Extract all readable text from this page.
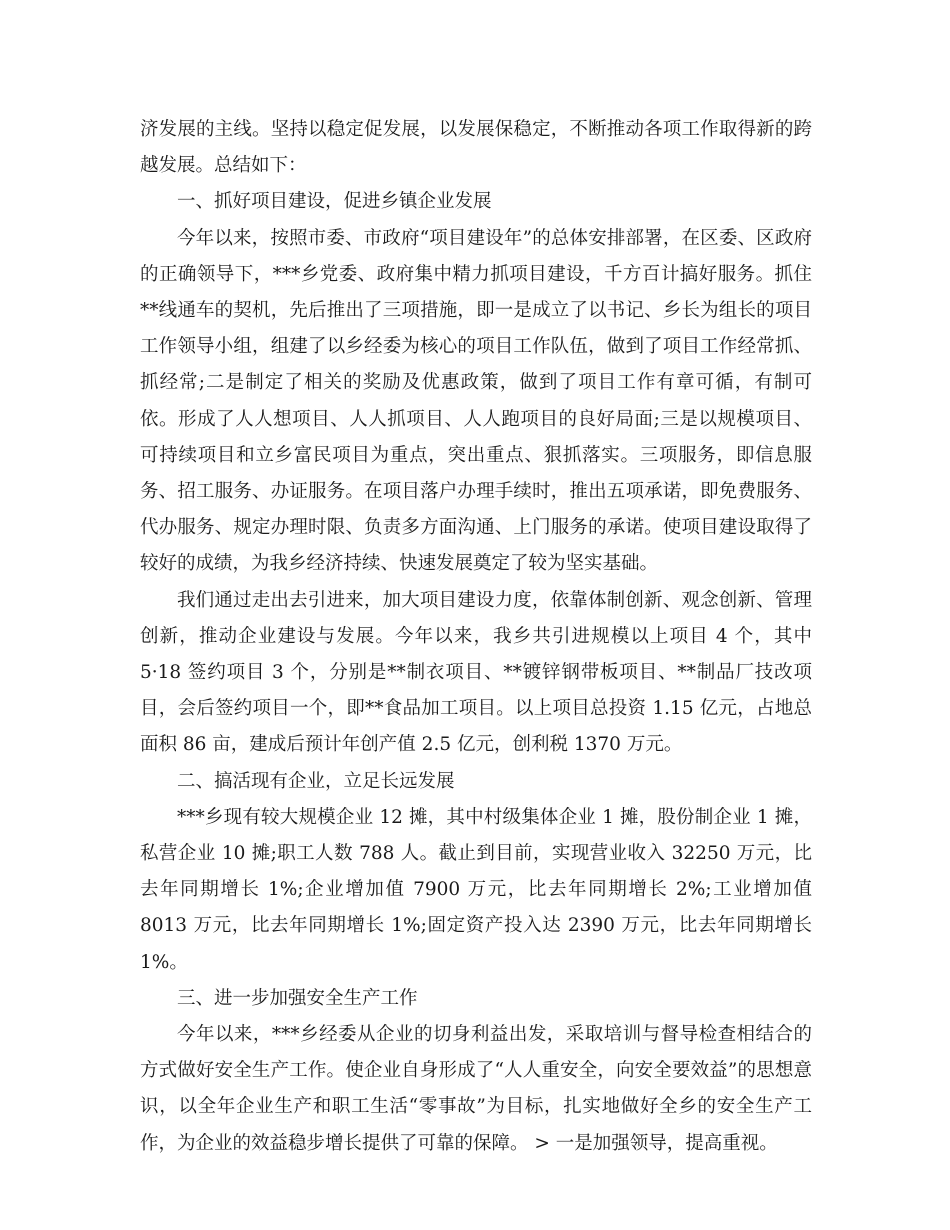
济发展的主线。坚持以稳定促发展，以发展保稳定，不断推动各项工作取得新的跨越发展。总结如下：

一、抓好项目建设，促进乡镇企业发展

今年以来，按照市委、市政府“项目建设年”的总体安排部署，在区委、区政府的正确领导下，***乡党委、政府集中精力抓项目建设，千方百计搞好服务。抓住**线通车的契机，先后推出了三项措施，即一是成立了以书记、乡长为组长的项目工作领导小组，组建了以乡经委为核心的项目工作队伍，做到了项目工作经常抓、抓经常;二是制定了相关的奖励及优惠政策，做到了项目工作有章可循，有制可依。形成了人人想项目、人人抓项目、人人跑项目的良好局面;三是以规模项目、可持续项目和立乡富民项目为重点，突出重点、狠抓落实。三项服务，即信息服务、招工服务、办证服务。在项目落户办理手续时，推出五项承诺，即免费服务、代办服务、规定办理时限、负责多方面沟通、上门服务的承诺。使项目建设取得了较好的成绩，为我乡经济持续、快速发展奠定了较为坚实基础。

我们通过走出去引进来，加大项目建设力度，依靠体制创新、观念创新、管理创新，推动企业建设与发展。今年以来，我乡共引进规模以上项目 4 个，其中 5·18 签约项目 3 个，分别是**制衣项目、**镀锌钢带板项目、**制品厂技改项目，会后签约项目一个，即**食品加工项目。以上项目总投资 1.15 亿元，占地总面积 86 亩，建成后预计年创产值 2.5 亿元，创利税 1370 万元。

二、搞活现有企业，立足长远发展

***乡现有较大规模企业 12 摊，其中村级集体企业 1 摊，股份制企业 1 摊，私营企业 10 摊;职工人数 788 人。截止到目前，实现营业收入 32250 万元，比去年同期增长 1%;企业增加值 7900 万元，比去年同期增长 2%;工业增加值 8013 万元，比去年同期增长 1%;固定资产投入达 2390 万元，比去年同期增长 1%。

三、进一步加强安全生产工作

今年以来，***乡经委从企业的切身利益出发，采取培训与督导检查相结合的方式做好安全生产工作。使企业自身形成了“人人重安全，向安全要效益”的思想意识，以全年企业生产和职工生活“零事故”为目标，扎实地做好全乡的安全生产工作，为企业的效益稳步增长提供了可靠的保障。 > 一是加强领导，提高重视。
